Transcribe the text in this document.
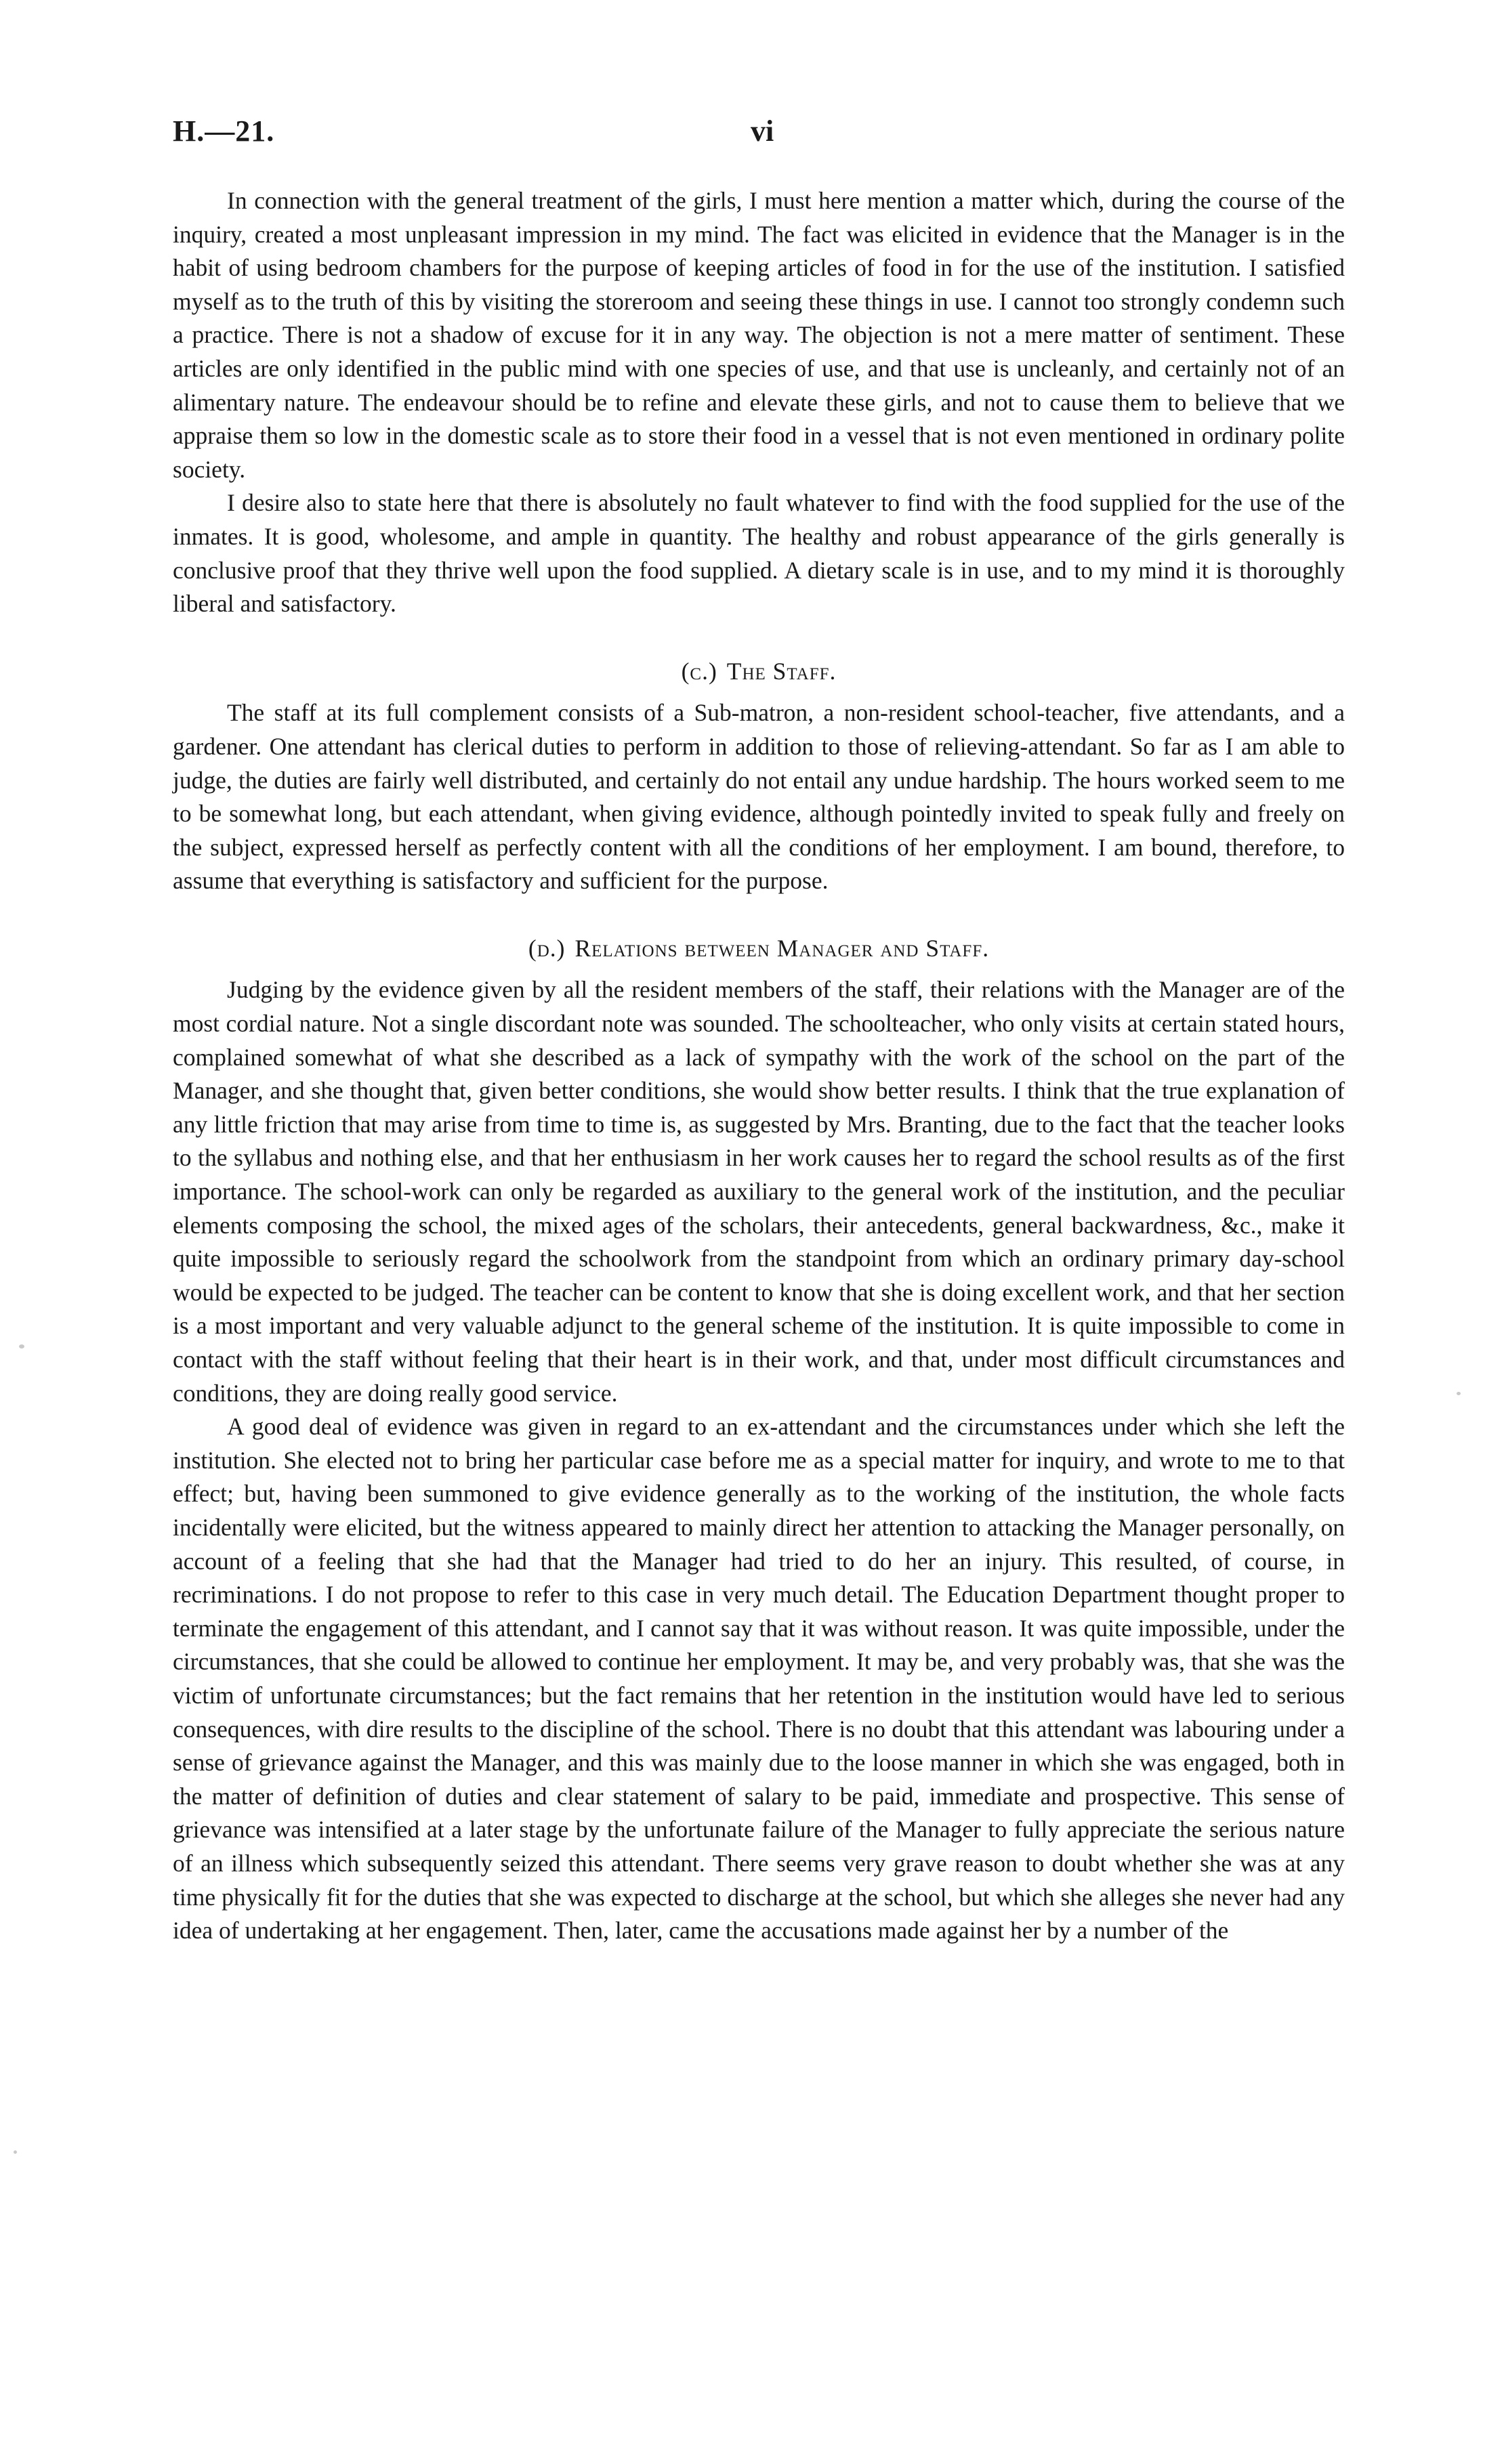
H.—21.	vi

In connection with the general treatment of the girls, I must here mention a matter which, during the course of the inquiry, created a most unpleasant impression in my mind. The fact was elicited in evidence that the Manager is in the habit of using bedroom chambers for the purpose of keeping articles of food in for the use of the institution. I satisfied myself as to the truth of this by visiting the storeroom and seeing these things in use. I cannot too strongly condemn such a practice. There is not a shadow of excuse for it in any way. The objection is not a mere matter of sentiment. These articles are only identified in the public mind with one species of use, and that use is uncleanly, and certainly not of an alimentary nature. The endeavour should be to refine and elevate these girls, and not to cause them to believe that we appraise them so low in the domestic scale as to store their food in a vessel that is not even mentioned in ordinary polite society.

I desire also to state here that there is absolutely no fault whatever to find with the food supplied for the use of the inmates. It is good, wholesome, and ample in quantity. The healthy and robust appearance of the girls generally is conclusive proof that they thrive well upon the food supplied. A dietary scale is in use, and to my mind it is thoroughly liberal and satisfactory.

(c.) The Staff.

The staff at its full complement consists of a Sub-matron, a non-resident school-teacher, five attendants, and a gardener. One attendant has clerical duties to perform in addition to those of relieving-attendant. So far as I am able to judge, the duties are fairly well distributed, and certainly do not entail any undue hardship. The hours worked seem to me to be somewhat long, but each attendant, when giving evidence, although pointedly invited to speak fully and freely on the subject, expressed herself as perfectly content with all the conditions of her employment. I am bound, therefore, to assume that everything is satisfactory and sufficient for the purpose.

(d.) Relations between Manager and Staff.

Judging by the evidence given by all the resident members of the staff, their relations with the Manager are of the most cordial nature. Not a single discordant note was sounded. The schoolteacher, who only visits at certain stated hours, complained somewhat of what she described as a lack of sympathy with the work of the school on the part of the Manager, and she thought that, given better conditions, she would show better results. I think that the true explanation of any little friction that may arise from time to time is, as suggested by Mrs. Branting, due to the fact that the teacher looks to the syllabus and nothing else, and that her enthusiasm in her work causes her to regard the school results as of the first importance. The school-work can only be regarded as auxiliary to the general work of the institution, and the peculiar elements composing the school, the mixed ages of the scholars, their antecedents, general backwardness, &c., make it quite impossible to seriously regard the schoolwork from the standpoint from which an ordinary primary day-school would be expected to be judged. The teacher can be content to know that she is doing excellent work, and that her section is a most important and very valuable adjunct to the general scheme of the institution. It is quite impossible to come in contact with the staff without feeling that their heart is in their work, and that, under most difficult circumstances and conditions, they are doing really good service.

A good deal of evidence was given in regard to an ex-attendant and the circumstances under which she left the institution. She elected not to bring her particular case before me as a special matter for inquiry, and wrote to me to that effect; but, having been summoned to give evidence generally as to the working of the institution, the whole facts incidentally were elicited, but the witness appeared to mainly direct her attention to attacking the Manager personally, on account of a feeling that she had that the Manager had tried to do her an injury. This resulted, of course, in recriminations. I do not propose to refer to this case in very much detail. The Education Department thought proper to terminate the engagement of this attendant, and I cannot say that it was without reason. It was quite impossible, under the circumstances, that she could be allowed to continue her employment. It may be, and very probably was, that she was the victim of unfortunate circumstances; but the fact remains that her retention in the institution would have led to serious consequences, with dire results to the discipline of the school. There is no doubt that this attendant was labouring under a sense of grievance against the Manager, and this was mainly due to the loose manner in which she was engaged, both in the matter of definition of duties and clear statement of salary to be paid, immediate and prospective. This sense of grievance was intensified at a later stage by the unfortunate failure of the Manager to fully appreciate the serious nature of an illness which subsequently seized this attendant. There seems very grave reason to doubt whether she was at any time physically fit for the duties that she was expected to discharge at the school, but which she alleges she never had any idea of undertaking at her engagement. Then, later, came the accusations made against her by a number of the
